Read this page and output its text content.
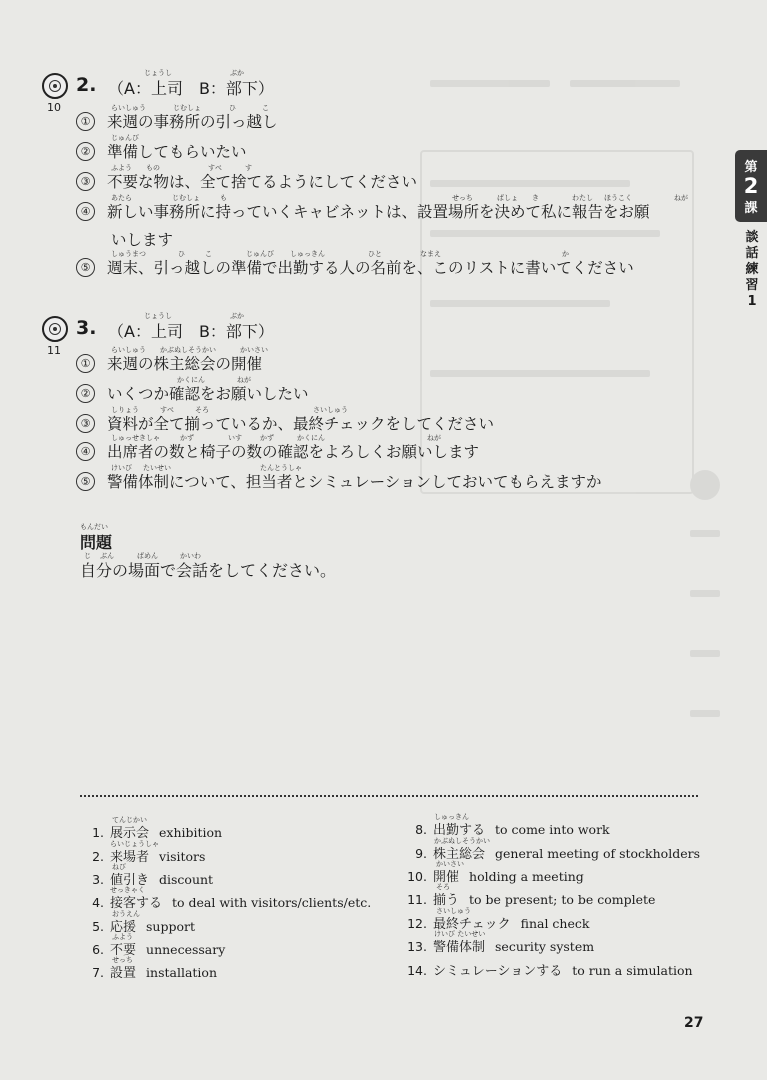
10
2. （A：上司　B：部下）
じょうし	ぶか
① 来週の事務所の引っ越し
らいしゅう	じむしょ	ひ	こ
② 準備してもらいたい
じゅんび
③ 不要な物は、全て捨てるようにしてください
ふよう もの	すべ	す
④ 新しい事務所に持っていくキャビネットは、設置場所を決めて私に報告をお願
あたら	じむしょ	も	せっち	ばしょ き	わたし ほうこく	ねが
いします
⑤ 週末、引っ越しの準備で出勤する人の名前を、このリストに書いてください
しゅうまつ	ひ	こ	じゅんび しゅっきん	ひと	なまえ	か
11
3. （A：上司　B：部下）
じょうし	ぶか
① 来週の株主総会の開催
らいしゅう かぶぬしそうかい	かいさい
② いくつか確認をお願いしたい
かくにん	ねが
③ 資料が全て揃っているか、最終チェックをしてください
しりょう	すべ	そろ	さいしゅう
④ 出席者の数と椅子の数の確認をよろしくお願いします
しゅっせきしゃ	かず	いす	かず	かくにん	ねが
⑤ 警備体制について、担当者とシミュレーションしておいてもらえますか
けいび たいせい	たんとうしゃ
もんだい
問題
じ ぶん	ばめん	かいわ
自分の場面で会話をしてください。
1. 展示会 exhibition
てんじかい
2. 来場者 visitors
らいじょうしゃ
3. 値引き discount
ねび
4. 接客する to deal with visitors/clients/etc.
せっきゃく
5. 応援 support
おうえん
6. 不要 unnecessary
ふよう
7. 設置 installation
せっち
8. 出勤する to come into work
しゅっきん
9. 株主総会 general meeting of stockholders
かぶぬしそうかい
10. 開催 holding a meeting
かいさい
11. 揃う to be present; to be complete
そろ
12. 最終チェック final check
さいしゅう
13. 警備体制 security system
けいび たいせい
14. シミュレーションする to run a simulation
第
2
課
談話練習1
27
